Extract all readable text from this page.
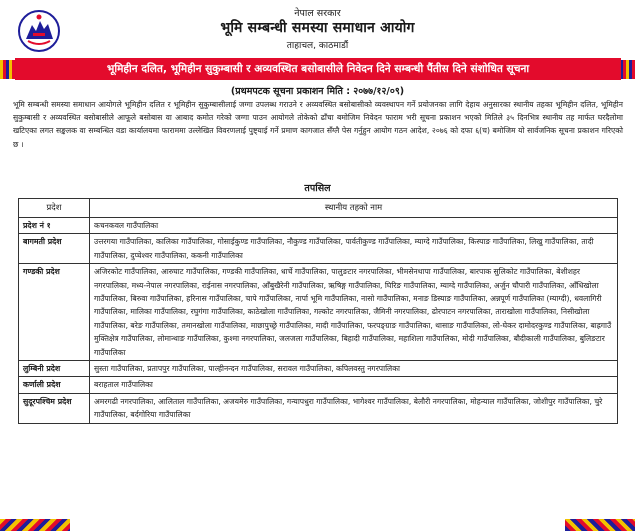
नेपाल सरकार
भूमि सम्बन्धी समस्या समाधान आयोग
ताहाचल, काठमाडौं
भूमिहीन दलित, भूमिहीन सुकुम्बासी र अव्यवस्थित बसोबासीले निवेदन दिने सम्बन्धी पैंतीस दिने संशोधित सूचना
(प्रथमपटक सूचना प्रकाशन मिति : २०७७/१२/०९)

भूमि सम्बन्धी समस्या समाधान आयोगले भूमिहीन दलित र भूमिहीन सुकुम्बासीलाई जग्गा उपलब्ध गराउने र अव्यवस्थित बसोबासीको व्यवस्थापन गर्ने प्रयोजनका लागि देहाय अनुसारका स्थानीय तहका भूमिहीन दलित, भूमिहीन सुकुम्बासी र अव्यवस्थित बसोबासीले आफूले बसोबास वा आबाद कमोत गरेको जग्गा पाउन आयोगले तोकेको ढाँचा बमोजिम निवेदन फाराम भरी सूचना प्रकाशन भएको मितिले ३५ दिनभित्र स्थानीय तह मार्फत घरदैलोमा खटिएका लगत सङ्कलक वा सम्बन्धित वडा कार्यालयमा फाराममा उल्लेखित विवरणलाई पुष्ट्याई गर्ने प्रमाण कागजात सँग्लै पेस गर्नुहुन आयोग गठन आदेश, २०७६ को दफा ६(च) बमोजिम यो सार्वजनिक सूचना प्रकाशन गरिएको छ ।

तपसिल
प्रदेश	स्थानीय तहको नाम
प्रदेश नं १	कचनकवल गाउँपालिका
बागमती प्रदेश	उत्तरगया गाउँपालिका, कालिका गाउँपालिका, गोसाईकुण्ड गाउँपालिका, नौकुण्ड गाउँपालिका, पार्वतीकुण्ड गाउँपालिका, म्याग्दे गाउँपालिका, किस्पाङ गाउँपालिका, लिखु गाउँपालिका, तादी गाउँपालिका, दुप्चेश्वर गाउँपालिका, ककनी गाउँपालिका
गण्डकी प्रदेश	अजिरकोट गाउँपालिका, आरुघाट गाउँपालिका, गण्डकी गाउँपालिका, धार्चे गाउँपालिका, पालुङटार नगरपालिका, भीमसेनथापा गाउँपालिका, बारपाक सुलिकोट गाउँपालिका, बेशीशहर नगरपालिका, मध्य-नेपाल नगरपालिका, राईनास नगरपालिका, आँबुखैरेनी गाउँपालिका, ऋषिङ्ग गाउँपालिका, घिरिङ गाउँपालिका, म्याग्दे गाउँपालिका, अर्जुन चौपारी गाउँपालिका, आँधिखोला गाउँपालिका, बिरुवा गाउँपालिका, हरिनास गाउँपालिका, चापे गाउँपालिका, नार्पा भूमि गाउँपालिका, नासो गाउँपालिका, मनाङ डिस्याङ गाउँपालिका, अन्नपूर्ण गाउँपालिका (म्याग्दी), धवलागिरी गाउँपालिका, मालिका गाउँपालिका, रघुगंगा गाउँपालिका, काठेखोला गाउँपालिका, गल्कोट नगरपालिका, जैमिनी नगरपालिका, ढोरपाटन नगरपालिका, ताराखोला गाउँपालिका, निसीखोला गाउँपालिका, बरेङ गाउँपालिका, तमानखोला गाउँपालिका, माछापुच्छ्रे गाउँपालिका, मादी गाउँपालिका, फरपङ्ग्राङ गाउँपालिका, थासाङ गाउँपालिका, लो-घेकर दामोदरकुण्ड गाउँपालिका, बाह्रगाउँ मुक्तिक्षेत्र गाउँपालिका, लोमान्थाङ गाउँपालिका, कुश्मा नगरपालिका, जलजला गाउँपालिका, बिहादी गाउँपालिका, महाशिला गाउँपालिका, मोदी गाउँपालिका, बौदीकाली गाउँपालिका, बुलिङटार गाउँपालिका
लुम्बिनी प्रदेश	सुस्ता गाउँपालिका, प्रतापपुर गाउँपालिका, पाल्हीनन्दन गाउँपालिका, सरावल गाउँपालिका, कपिलवस्तु नगरपालिका
कर्णाली प्रदेश	बराहताल गाउँपालिका
सुदूरपश्चिम प्रदेश	अमरगढी नगरपालिका, आलिताल गाउँपालिका, अजयमेरु गाउँपालिका, गन्यापधुरा गाउँपालिका, भागेश्वर गाउँपालिका, बेलौरी नगरपालिका, मोहन्याल गाउँपालिका, जोशीपुर गाउँपालिका, चुरे गाउँपालिका, बर्दगोरिया गाउँपालिका
